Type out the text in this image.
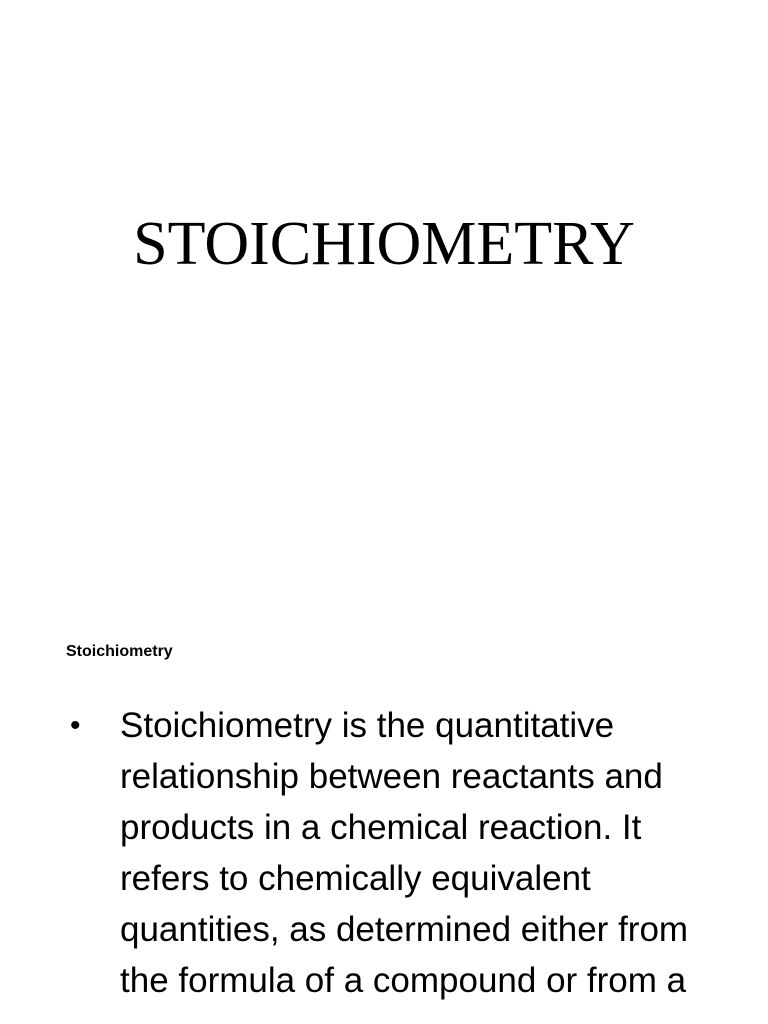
STOICHIOMETRY
Stoichiometry
• Stoichiometry is the quantitative relationship between reactants and products in a chemical reaction. It refers to chemically equivalent quantities, as determined either from the formula of a compound or from a
